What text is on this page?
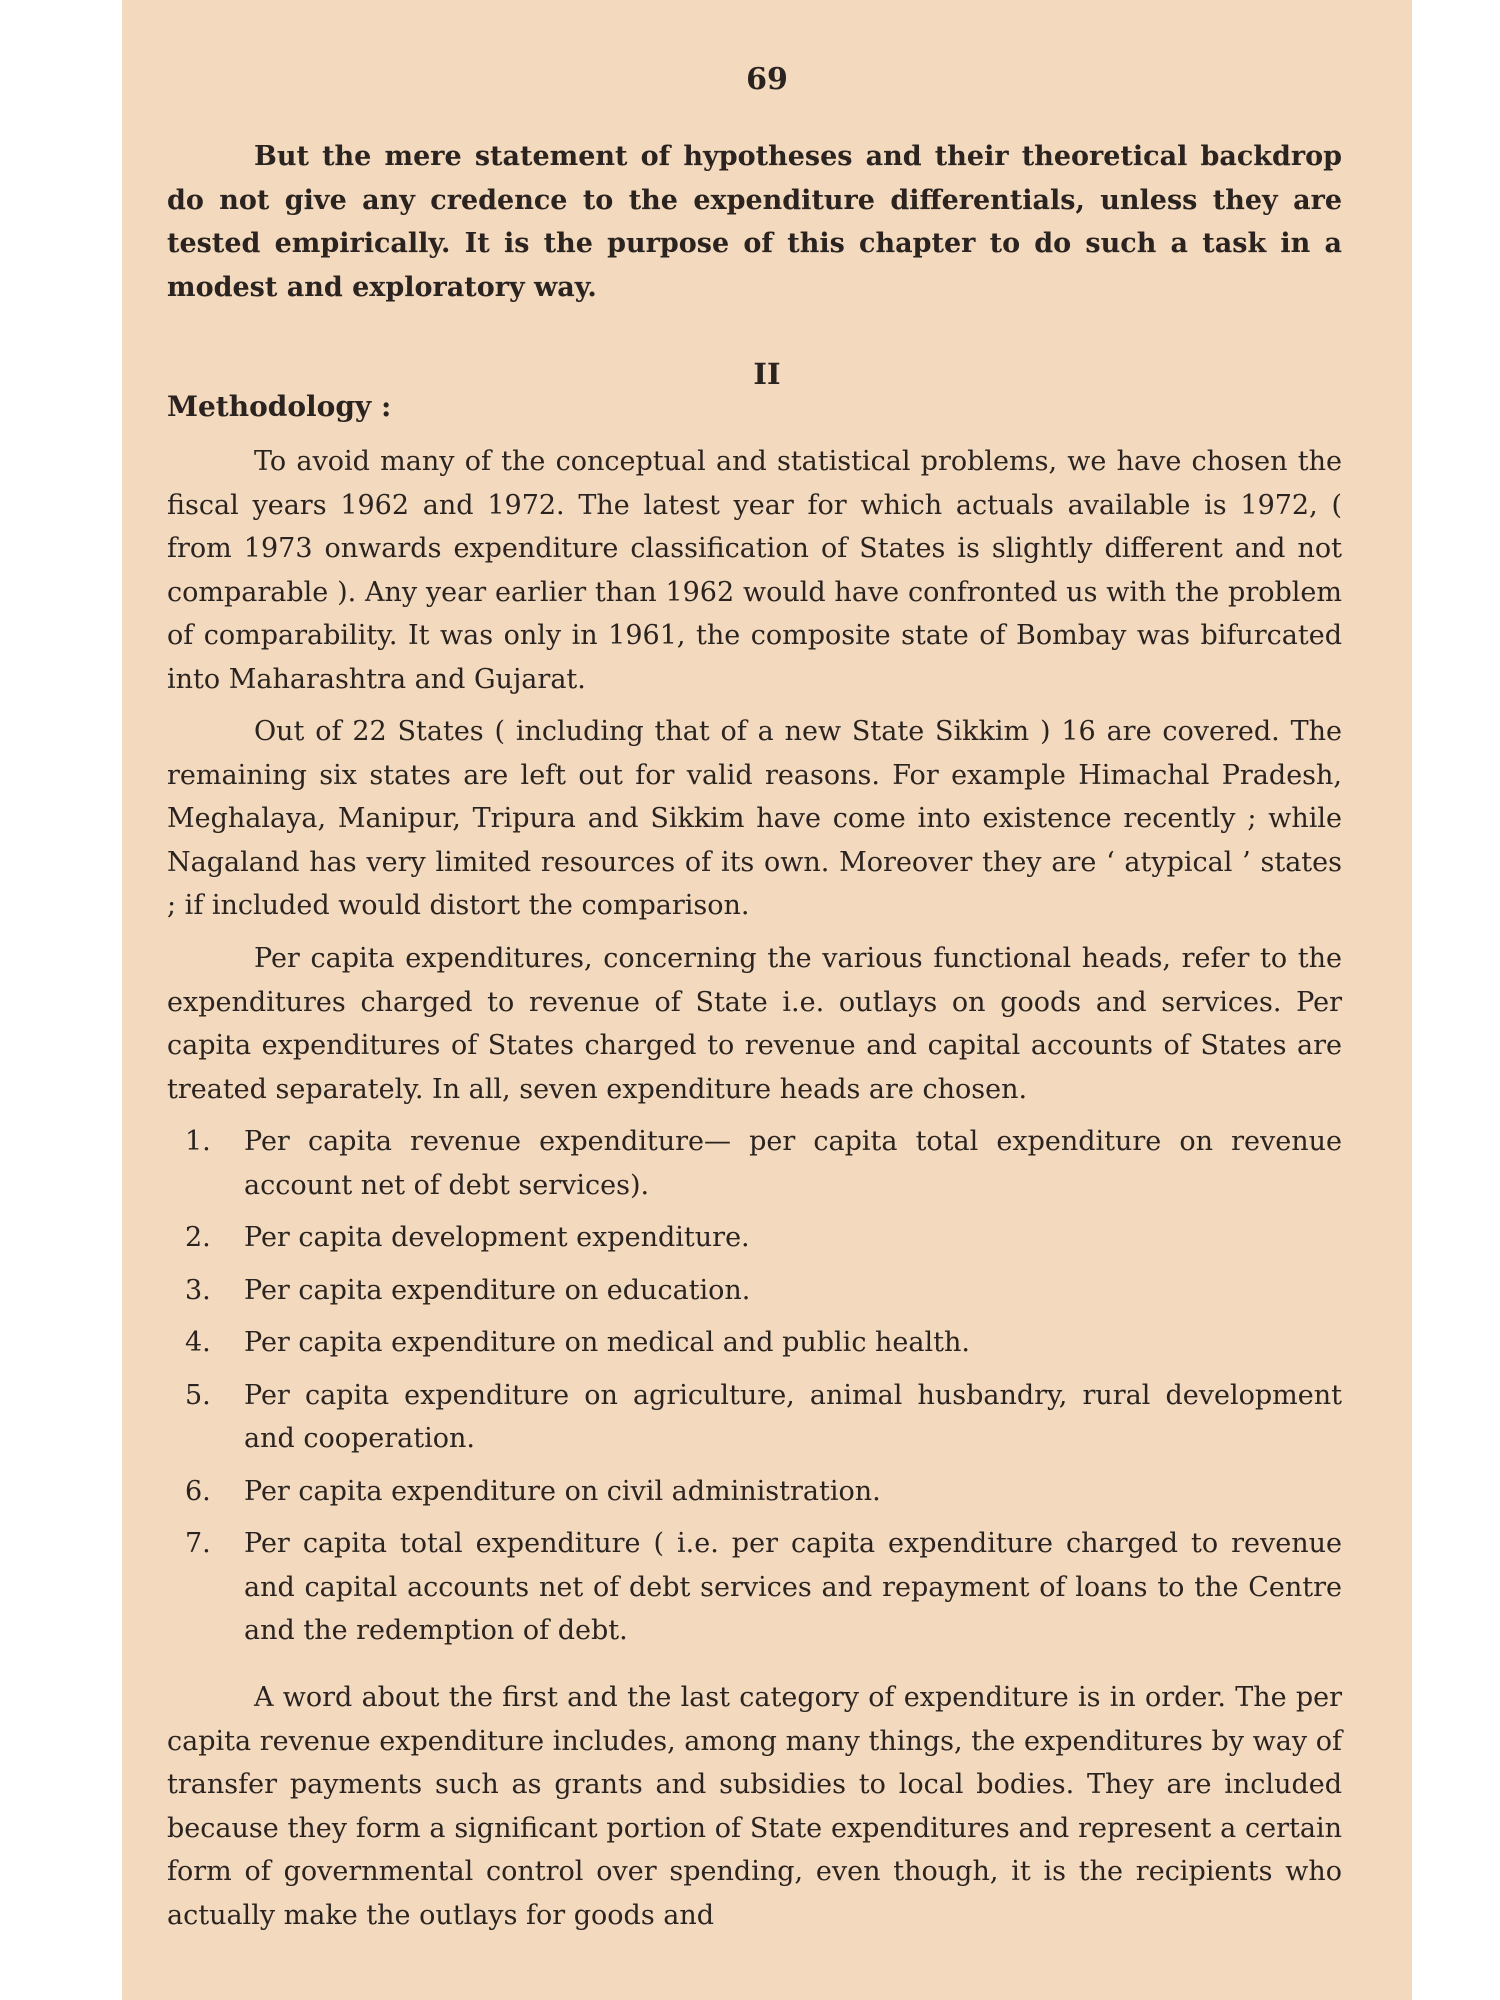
69

But the mere statement of hypotheses and their theoretical backdrop do not give any credence to the expenditure differentials, unless they are tested empirically. It is the purpose of this chapter to do such a task in a modest and exploratory way.

II
Methodology :

To avoid many of the conceptual and statistical problems, we have chosen the fiscal years 1962 and 1972. The latest year for which actuals available is 1972, ( from 1973 onwards expenditure classification of States is slightly different and not comparable ). Any year earlier than 1962 would have confronted us with the problem of comparability. It was only in 1961, the composite state of Bombay was bifurcated into Maharashtra and Gujarat.

Out of 22 States ( including that of a new State Sikkim ) 16 are covered. The remaining six states are left out for valid reasons. For example Himachal Pradesh, Meghalaya, Manipur, Tripura and Sikkim have come into existence recently ; while Nagaland has very limited resources of its own. Moreover they are ‘ atypical ’ states ; if included would distort the comparison.

Per capita expenditures, concerning the various functional heads, refer to the expenditures charged to revenue of State i.e. outlays on goods and services. Per capita expenditures of States charged to revenue and capital accounts of States are treated separately. In all, seven expenditure heads are chosen.

1.	Per capita revenue expenditure— per capita total expenditure on revenue account net of debt services).
2.	Per capita development expenditure.
3.	Per capita expenditure on education.
4.	Per capita expenditure on medical and public health.
5.	Per capita expenditure on agriculture, animal husbandry, rural development and cooperation.
6.	Per capita expenditure on civil administration.
7.	Per capita total expenditure ( i.e. per capita expenditure charged to revenue and capital accounts net of debt services and repayment of loans to the Centre and the redemption of debt.

A word about the first and the last category of expenditure is in order. The per capita revenue expenditure includes, among many things, the expenditures by way of transfer payments such as grants and subsidies to local bodies. They are included because they form a significant portion of State expenditures and represent a certain form of governmental control over spending, even though, it is the recipients who actually make the outlays for goods and
